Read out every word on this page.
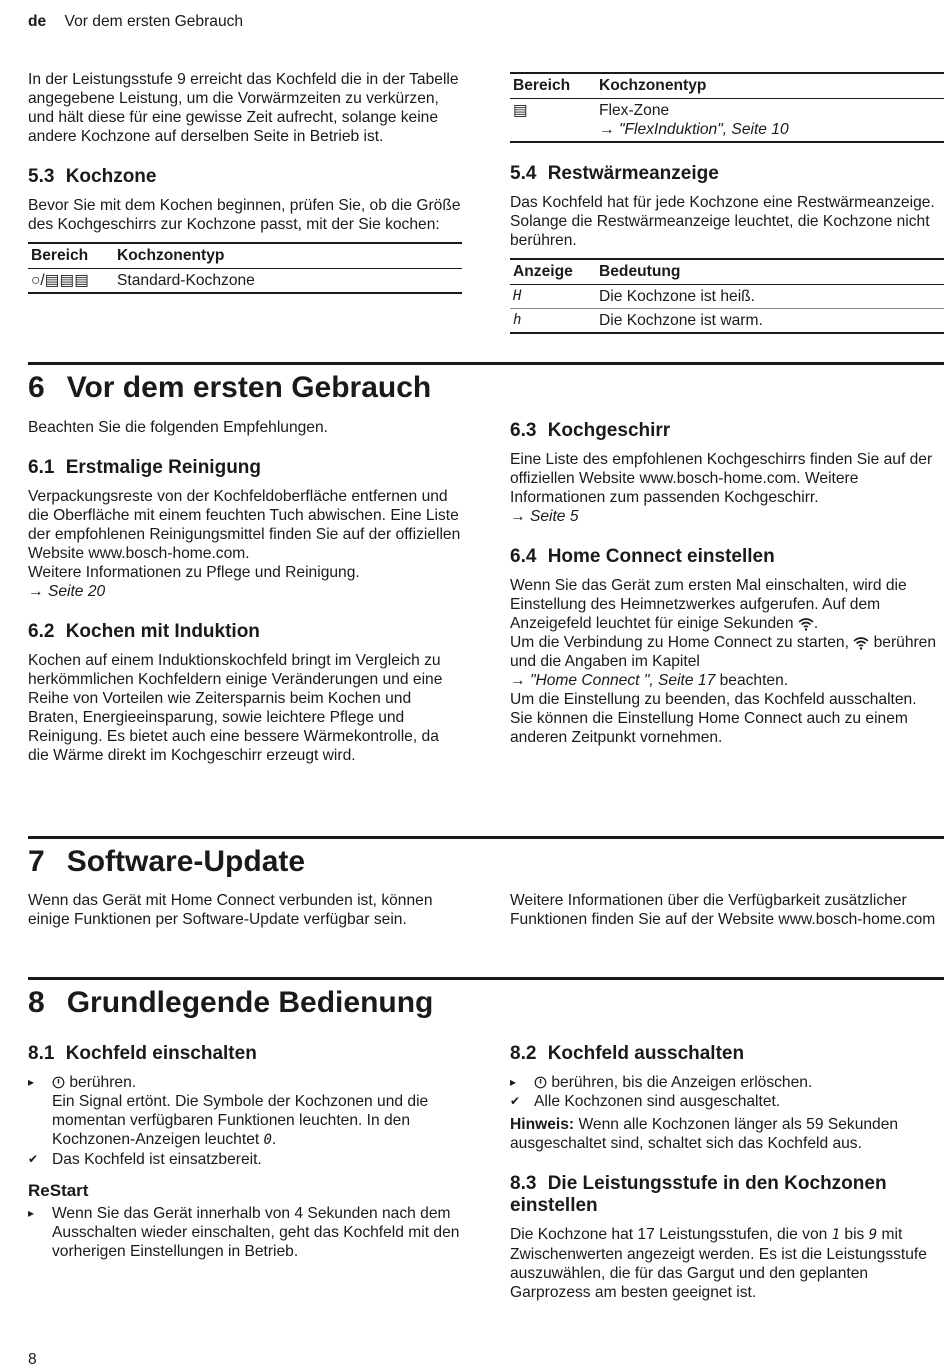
de Vor dem ersten Gebrauch

In der Leistungsstufe 9 erreicht das Kochfeld die in der Tabelle angegebene Leistung, um die Vorwärmzeiten zu verkürzen, und hält diese für eine gewisse Zeit aufrecht, solange keine andere Kochzone auf derselben Seite in Betrieb ist.

5.3 Kochzone

Bevor Sie mit dem Kochen beginnen, prüfen Sie, ob die Größe des Kochgeschirrs zur Kochzone passt, mit der Sie kochen:

Bereich	Kochzonentyp
○/▤▤▤	Standard-Kochzone
Bereich	Kochzonentyp
▤	Flex-Zone
→ "FlexInduktion", Seite 10
5.4 Restwärmeanzeige

Das Kochfeld hat für jede Kochzone eine Restwärmeanzeige. Solange die Restwärmeanzeige leuchtet, die Kochzone nicht berühren.

Anzeige	Bedeutung
H	Die Kochzone ist heiß.
h	Die Kochzone ist warm.
6 Vor dem ersten Gebrauch

Beachten Sie die folgenden Empfehlungen.

6.1 Erstmalige Reinigung

Verpackungsreste von der Kochfeldoberfläche entfernen und die Oberfläche mit einem feuchten Tuch abwischen. Eine Liste der empfohlenen Reinigungsmittel finden Sie auf der offiziellen Website www.bosch-home.com.

Weitere Informationen zu Pflege und Reinigung.

→ Seite 20

6.2 Kochen mit Induktion

Kochen auf einem Induktionskochfeld bringt im Vergleich zu herkömmlichen Kochfeldern einige Veränderungen und eine Reihe von Vorteilen wie Zeitersparnis beim Kochen und Braten, Energieeinsparung, sowie leichtere Pflege und Reinigung. Es bietet auch eine bessere Wärmekontrolle, da die Wärme direkt im Kochgeschirr erzeugt wird.

6.3 Kochgeschirr

Eine Liste des empfohlenen Kochgeschirrs finden Sie auf der offiziellen Website www.bosch-home.com. Weitere Informationen zum passenden Kochgeschirr.

→ Seite 5

6.4 Home Connect einstellen

Wenn Sie das Gerät zum ersten Mal einschalten, wird die Einstellung des Heimnetzwerkes aufgerufen. Auf dem Anzeigefeld leuchtet für einige Sekunden .

Um die Verbindung zu Home Connect zu starten, berühren und die Angaben im Kapitel

→ "Home Connect ", Seite 17 beachten.

Um die Einstellung zu beenden, das Kochfeld ausschalten.

Sie können die Einstellung Home Connect auch zu einem anderen Zeitpunkt vornehmen.

7 Software-Update

Wenn das Gerät mit Home Connect verbunden ist, können einige Funktionen per Software-Update verfügbar sein.

Weitere Informationen über die Verfügbarkeit zusätzlicher Funktionen finden Sie auf der Website www.bosch-home.com

8 Grundlegende Bedienung
8.1 Kochfeld einschalten
▸ berühren.
Ein Signal ertönt. Die Symbole der Kochzonen und die momentan verfügbaren Funktionen leuchten. In den Kochzonen-Anzeigen leuchtet 0.
✔ Das Kochfeld ist einsatzbereit.
ReStart
▸ Wenn Sie das Gerät innerhalb von 4 Sekunden nach dem Ausschalten wieder einschalten, geht das Kochfeld mit den vorherigen Einstellungen in Betrieb.
8.2 Kochfeld ausschalten
▸ berühren, bis die Anzeigen erlöschen.
✔ Alle Kochzonen sind ausgeschaltet.

Hinweis: Wenn alle Kochzonen länger als 59 Sekunden ausgeschaltet sind, schaltet sich das Kochfeld aus.

8.3 Die Leistungsstufe in den Kochzonen einstellen

Die Kochzone hat 17 Leistungsstufen, die von 1 bis 9 mit Zwischenwerten angezeigt werden. Es ist die Leistungsstufe auszuwählen, die für das Gargut und den geplanten Garprozess am besten geeignet ist.

8
